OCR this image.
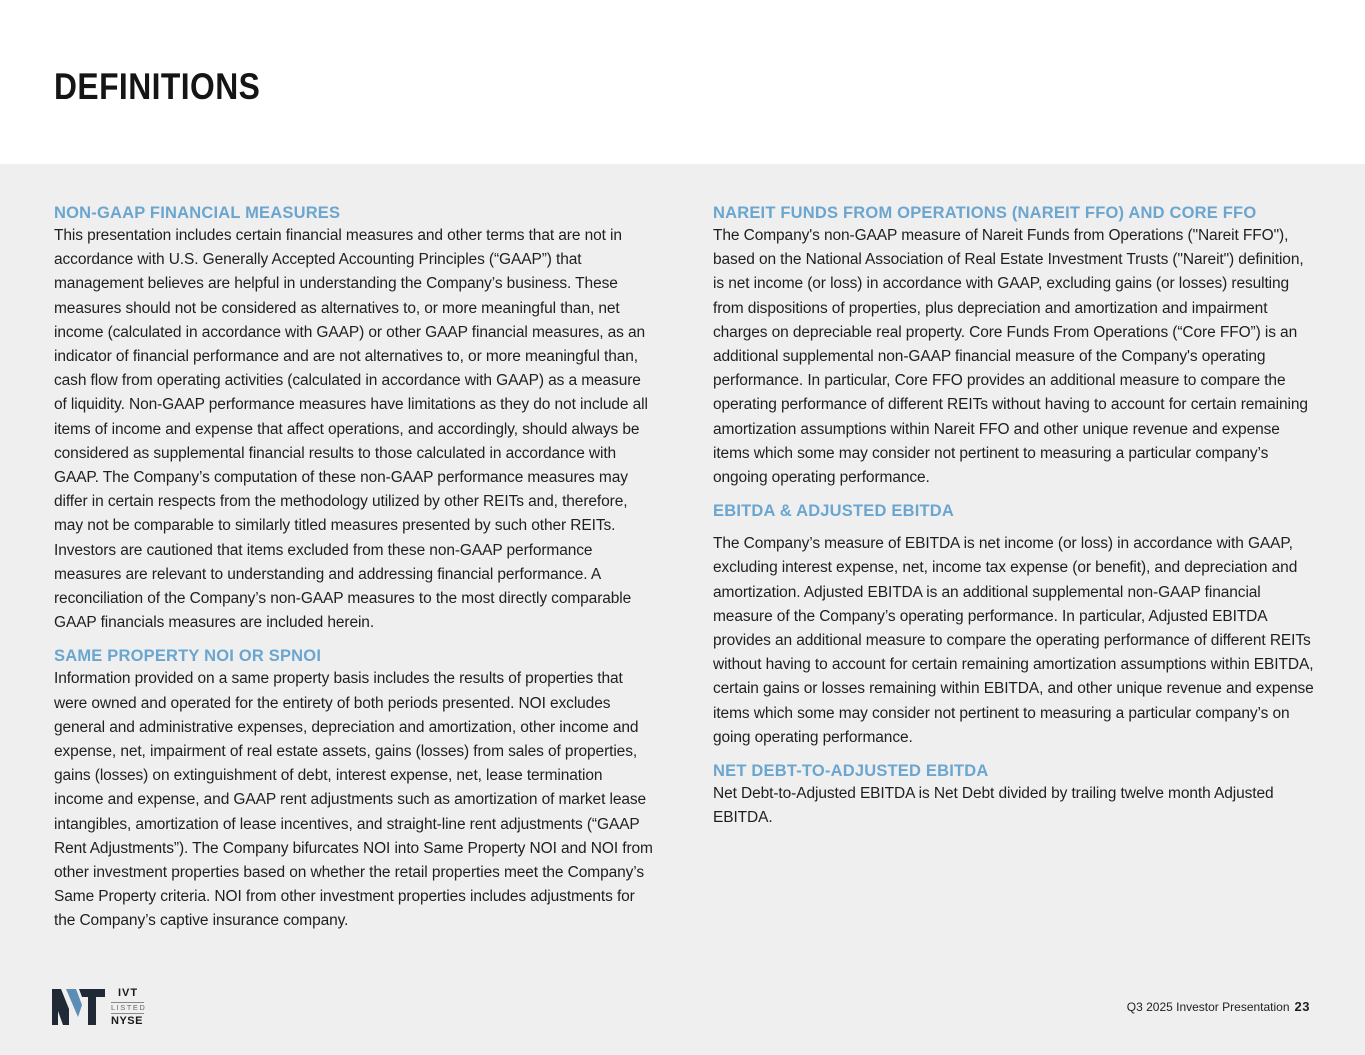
DEFINITIONS
NON-GAAP FINANCIAL MEASURES

This presentation includes certain financial measures and other terms that are not in accordance with U.S. Generally Accepted Accounting Principles (“GAAP”) that management believes are helpful in understanding the Company’s business. These measures should not be considered as alternatives to, or more meaningful than, net income (calculated in accordance with GAAP) or other GAAP financial measures, as an indicator of financial performance and are not alternatives to, or more meaningful than, cash flow from operating activities (calculated in accordance with GAAP) as a measure of liquidity. Non-GAAP performance measures have limitations as they do not include all items of income and expense that affect operations, and accordingly, should always be considered as supplemental financial results to those calculated in accordance with GAAP. The Company’s computation of these non-GAAP performance measures may differ in certain respects from the methodology utilized by other REITs and, therefore, may not be comparable to similarly titled measures presented by such other REITs. Investors are cautioned that items excluded from these non-GAAP performance measures are relevant to understanding and addressing financial performance. A reconciliation of the Company’s non-GAAP measures to the most directly comparable GAAP financials measures are included herein.

SAME PROPERTY NOI OR SPNOI

Information provided on a same property basis includes the results of properties that were owned and operated for the entirety of both periods presented. NOI excludes general and administrative expenses, depreciation and amortization, other income and expense, net, impairment of real estate assets, gains (losses) from sales of properties, gains (losses) on extinguishment of debt, interest expense, net, lease termination income and expense, and GAAP rent adjustments such as amortization of market lease intangibles, amortization of lease incentives, and straight-line rent adjustments (“GAAP Rent Adjustments”). The Company bifurcates NOI into Same Property NOI and NOI from other investment properties based on whether the retail properties meet the Company’s Same Property criteria. NOI from other investment properties includes adjustments for the Company’s captive insurance company.

NAREIT FUNDS FROM OPERATIONS (NAREIT FFO) AND CORE FFO

The Company's non-GAAP measure of Nareit Funds from Operations ("Nareit FFO"), based on the National Association of Real Estate Investment Trusts ("Nareit") definition, is net income (or loss) in accordance with GAAP, excluding gains (or losses) resulting from dispositions of properties, plus depreciation and amortization and impairment charges on depreciable real property. Core Funds From Operations (“Core FFO”) is an additional supplemental non-GAAP financial measure of the Company's operating performance. In particular, Core FFO provides an additional measure to compare the operating performance of different REITs without having to account for certain remaining amortization assumptions within Nareit FFO and other unique revenue and expense items which some may consider not pertinent to measuring a particular company’s ongoing operating performance.

EBITDA & ADJUSTED EBITDA

The Company’s measure of EBITDA is net income (or loss) in accordance with GAAP, excluding interest expense, net, income tax expense (or benefit), and depreciation and amortization. Adjusted EBITDA is an additional supplemental non-GAAP financial measure of the Company’s operating performance. In particular, Adjusted EBITDA provides an additional measure to compare the operating performance of different REITs without having to account for certain remaining amortization assumptions within EBITDA, certain gains or losses remaining within EBITDA, and other unique revenue and expense items which some may consider not pertinent to measuring a particular company’s on going operating performance.

NET DEBT-TO-ADJUSTED EBITDA

Net Debt-to-Adjusted EBITDA is Net Debt divided by trailing twelve month Adjusted EBITDA.

IVT
LISTED
NYSE
Q3 2025 Investor Presentation 23
